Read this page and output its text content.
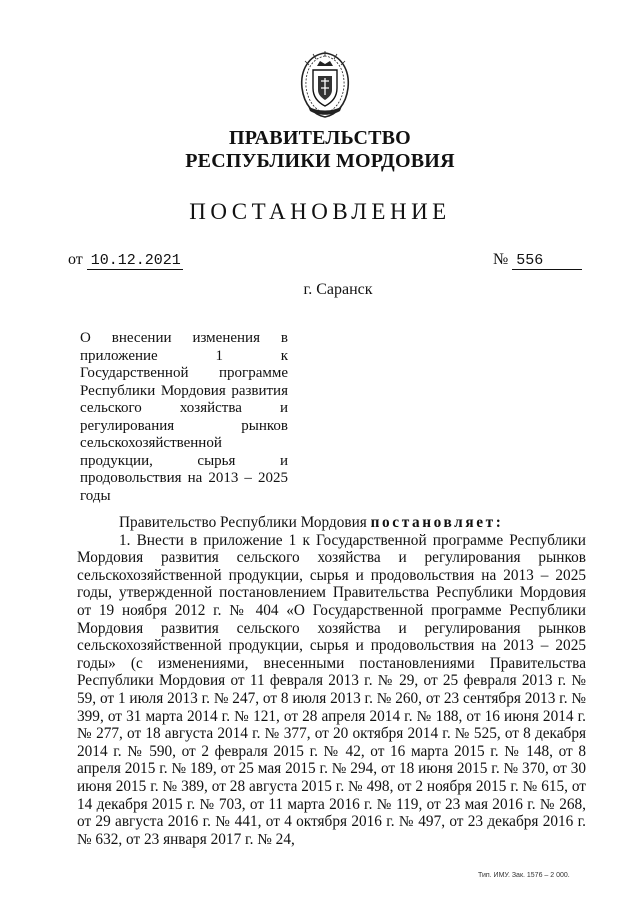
ПРАВИТЕЛЬСТВО
РЕСПУБЛИКИ МОРДОВИЯ
ПОСТАНОВЛЕНИЕ
от 10.12.2021	№ 556
г. Саранск
О внесении изменения в приложение 1 к Государственной программе Республики Мордовия развития сельского хозяйства и регулирования рынков сельскохозяйственной продукции, сырья и продовольствия на 2013 – 2025 годы

Правительство Республики Мордовия постановляет:

1. Внести в приложение 1 к Государственной программе Республики Мордовия развития сельского хозяйства и регулирования рынков сельскохозяйственной продукции, сырья и продовольствия на 2013 – 2025 годы, утвержденной постановлением Правительства Республики Мордовия от 19 ноября 2012 г. № 404 «О Государственной программе Республики Мордовия развития сельского хозяйства и регулирования рынков сельскохозяйственной продукции, сырья и продовольствия на 2013 – 2025 годы» (с изменениями, внесенными постановлениями Правительства Республики Мордовия от 11 февраля 2013 г. № 29, от 25 февраля 2013 г. № 59, от 1 июля 2013 г. № 247, от 8 июля 2013 г. № 260, от 23 сентября 2013 г. № 399, от 31 марта 2014 г. № 121, от 28 апреля 2014 г. № 188, от 16 июня 2014 г. № 277, от 18 августа 2014 г. № 377, от 20 октября 2014 г. № 525, от 8 декабря 2014 г. № 590, от 2 февраля 2015 г. № 42, от 16 марта 2015 г. № 148, от 8 апреля 2015 г. № 189, от 25 мая 2015 г. № 294, от 18 июня 2015 г. № 370, от 30 июня 2015 г. № 389, от 28 августа 2015 г. № 498, от 2 ноября 2015 г. № 615, от 14 декабря 2015 г. № 703, от 11 марта 2016 г. № 119, от 23 мая 2016 г. № 268, от 29 августа 2016 г. № 441, от 4 октября 2016 г. № 497, от 23 декабря 2016 г. № 632, от 23 января 2017 г. № 24,

Тип. ИМУ. Зак. 1576 – 2 000.
